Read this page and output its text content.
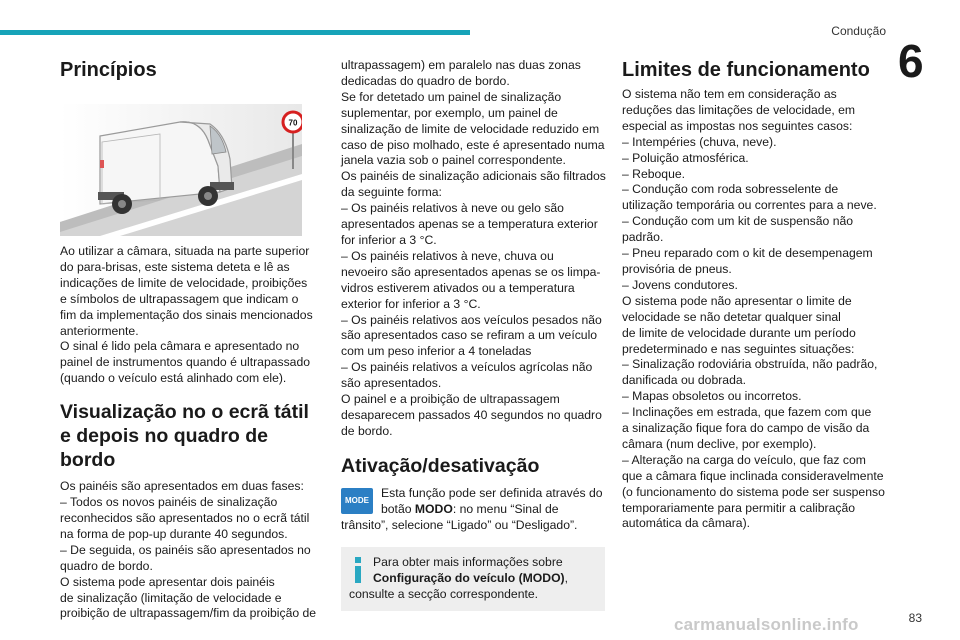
Condução
6
Princípios
70
Ao utilizar a câmara, situada na parte superior
do para-brisas, este sistema deteta e lê as
indicações de limite de velocidade, proibições
e símbolos de ultrapassagem que indicam o
fim da implementação dos sinais mencionados
anteriormente.
O sinal é lido pela câmara e apresentado no
painel de instrumentos quando é ultrapassado
(quando o veículo está alinhado com ele).
Visualização no o ecrã tátil e depois no quadro de bordo
Os painéis são apresentados em duas fases:
– Todos os novos painéis de sinalização
reconhecidos são apresentados no o ecrã tátil
na forma de pop-up durante 40 segundos.
– De seguida, os painéis são apresentados no
quadro de bordo.
O sistema pode apresentar dois painéis
de sinalização (limitação de velocidade e
proibição de ultrapassagem/fim da proibição de
ultrapassagem) em paralelo nas duas zonas
dedicadas do quadro de bordo.
Se for detetado um painel de sinalização
suplementar, por exemplo, um painel de
sinalização de limite de velocidade reduzido em
caso de piso molhado, este é apresentado numa
janela vazia sob o painel correspondente.
Os painéis de sinalização adicionais são filtrados
da seguinte forma:
– Os painéis relativos à neve ou gelo são
apresentados apenas se a temperatura exterior
for inferior a 3 °C.
– Os painéis relativos à neve, chuva ou
nevoeiro são apresentados apenas se os limpa-
vidros estiverem ativados ou a temperatura
exterior for inferior a 3 °C.
– Os painéis relativos aos veículos pesados não
são apresentados caso se refiram a um veículo
com um peso inferior a 4 toneladas
– Os painéis relativos a veículos agrícolas não
são apresentados.
O painel e a proibição de ultrapassagem
desaparecem passados 40 segundos no quadro
de bordo.
Ativação/desativação
MODE
Esta função pode ser definida através do
botão MODO: no menu “Sinal de
trânsito”, selecione “Ligado” ou “Desligado”.
Para obter mais informações sobre
Configuração do veículo (MODO),
consulte a secção correspondente.
Limites de funcionamento
O sistema não tem em consideração as
reduções das limitações de velocidade, em
especial as impostas nos seguintes casos:
– Intempéries (chuva, neve).
– Poluição atmosférica.
– Reboque.
– Condução com roda sobresselente de
utilização temporária ou correntes para a neve.
– Condução com um kit de suspensão não
padrão.
– Pneu reparado com o kit de desempenagem
provisória de pneus.
– Jovens condutores.
O sistema pode não apresentar o limite de
velocidade se não detetar qualquer sinal
de limite de velocidade durante um período
predeterminado e nas seguintes situações:
– Sinalização rodoviária obstruída, não padrão,
danificada ou dobrada.
– Mapas obsoletos ou incorretos.
– Inclinações em estrada, que fazem com que
a sinalização fique fora do campo de visão da
câmara (num declive, por exemplo).
– Alteração na carga do veículo, que faz com
que a câmara fique inclinada consideravelmente
(o funcionamento do sistema pode ser suspenso
temporariamente para permitir a calibração
automática da câmara).
carmanualsonline.info	83
